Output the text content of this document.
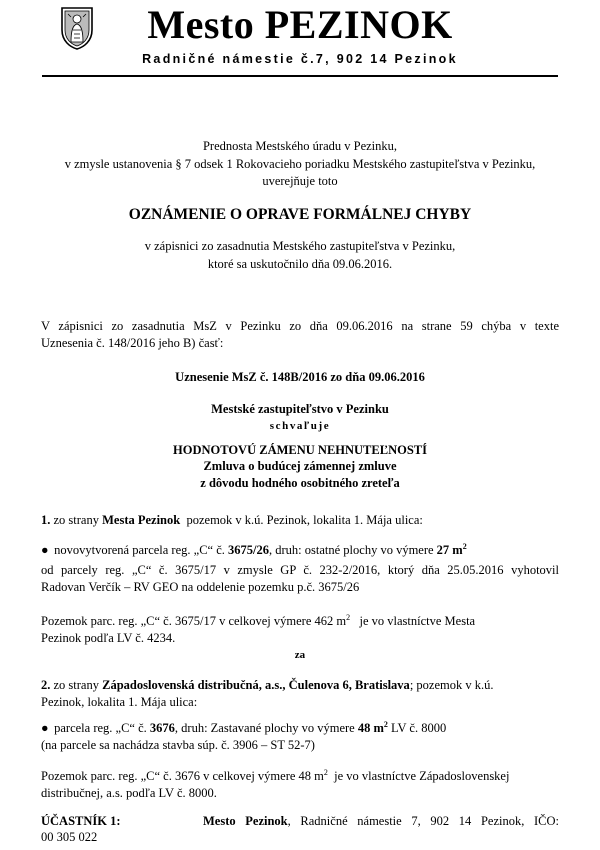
Mesto PEZINOK
Radničné námestie č.7, 902 14 Pezinok
Prednosta Mestského úradu v Pezinku,
v zmysle ustanovenia § 7 odsek 1 Rokovacieho poriadku Mestského zastupiteľstva v Pezinku,
uverejňuje toto
OZNÁMENIE O OPRAVE FORMÁLNEJ CHYBY
v zápisnici zo zasadnutia Mestského zastupiteľstva v Pezinku,
ktoré sa uskutočnilo dňa 09.06.2016.
V zápisnici zo zasadnutia MsZ v Pezinku zo dňa 09.06.2016 na strane 59 chýba v texte
Uznesenia č. 148/2016 jeho B) časť:
Uznesenie MsZ č. 148B/2016 zo dňa 09.06.2016
Mestské zastupiteľstvo v Pezinku
schvaľuje
HODNOTOVÚ ZÁMENU NEHNUTEĽNOSTÍ
Zmluva o budúcej zámennej zmluve
z dôvodu hodného osobitného zreteľa
1. zo strany Mesta Pezinok pozemok v k.ú. Pezinok, lokalita 1. Mája ulica:
● novovytvorená parcela reg. „C“ č. 3675/26, druh: ostatné plochy vo výmere 27 $m^2$
od parcely reg. „C“ č. 3675/17 v zmysle GP č. 232-2/2016, ktorý dňa 25.05.2016 vyhotovil
Radovan Verčík – RV GEO na oddelenie pozemku p.č. 3675/26
Pozemok parc. reg. „C“ č. 3675/17 v celkovej výmere 462 $m^2$ je vo vlastníctve Mesta
Pezinok podľa LV č. 4234.
za
2. zo strany Západoslovenská distribučná, a.s., Čulenova 6, Bratislava; pozemok v k.ú.
Pezinok, lokalita 1. Mája ulica:
● parcela reg. „C“ č. 3676, druh: Zastavané plochy vo výmere 48 $m^2$ LV č. 8000
(na parcele sa nachádza stavba súp. č. 3906 – ST 52-7)
Pozemok parc. reg. „C“ č. 3676 v celkovej výmere 48 $m^2$ je vo vlastníctve Západoslovenskej
distribučnej, a.s. podľa LV č. 8000.
ÚČASTNÍK 1:	Mesto Pezinok, Radničné námestie 7, 902 14 Pezinok, IČO:
00 305 022
